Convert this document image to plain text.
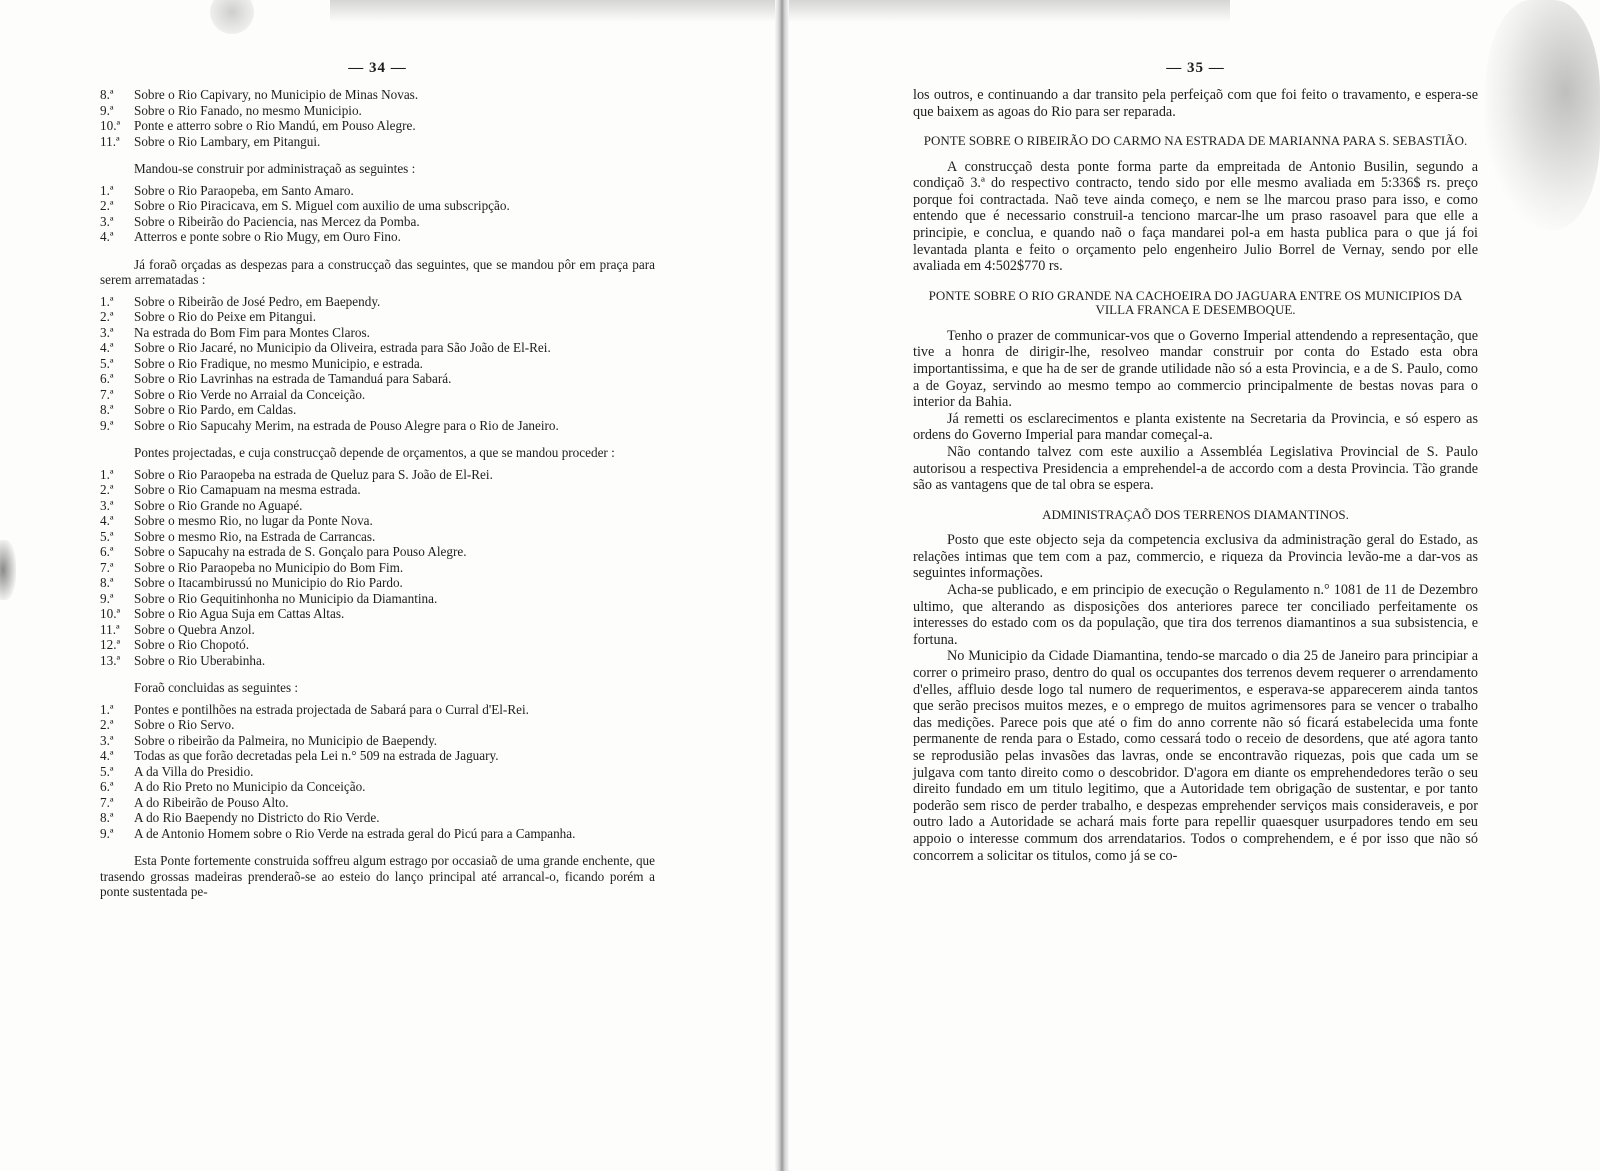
— 34 —
8.ª	Sobre o Rio Capivary, no Municipio de Minas Novas.
9.ª	Sobre o Rio Fanado, no mesmo Municipio.
10.ª	Ponte e atterro sobre o Rio Mandú, em Pouso Alegre.
11.ª	Sobre o Rio Lambary, em Pitangui.

Mandou-se construir por administraçaõ as seguintes :

1.ª	Sobre o Rio Paraopeba, em Santo Amaro.
2.ª	Sobre o Rio Piracicava, em S. Miguel com auxilio de uma subscripção.
3.ª	Sobre o Ribeirão do Paciencia, nas Mercez da Pomba.
4.ª	Atterros e ponte sobre o Rio Mugy, em Ouro Fino.

Já foraõ orçadas as despezas para a construcçaõ das seguintes, que se mandou pôr em praça para serem arrematadas :

1.ª	Sobre o Ribeirão de José Pedro, em Baependy.
2.ª	Sobre o Rio do Peixe em Pitangui.
3.ª	Na estrada do Bom Fim para Montes Claros.
4.ª	Sobre o Rio Jacaré, no Municipio da Oliveira, estrada para São João de El-Rei.
5.ª	Sobre o Rio Fradique, no mesmo Municipio, e estrada.
6.ª	Sobre o Rio Lavrinhas na estrada de Tamanduá para Sabará.
7.ª	Sobre o Rio Verde no Arraial da Conceição.
8.ª	Sobre o Rio Pardo, em Caldas.
9.ª	Sobre o Rio Sapucahy Merim, na estrada de Pouso Alegre para o Rio de Janeiro.

Pontes projectadas, e cuja construcçaõ depende de orçamentos, a que se mandou proceder :

1.ª	Sobre o Rio Paraopeba na estrada de Queluz para S. João de El-Rei.
2.ª	Sobre o Rio Camapuam na mesma estrada.
3.ª	Sobre o Rio Grande no Aguapé.
4.ª	Sobre o mesmo Rio, no lugar da Ponte Nova.
5.ª	Sobre o mesmo Rio, na Estrada de Carrancas.
6.ª	Sobre o Sapucahy na estrada de S. Gonçalo para Pouso Alegre.
7.ª	Sobre o Rio Paraopeba no Municipio do Bom Fim.
8.ª	Sobre o Itacambirussú no Municipio do Rio Pardo.
9.ª	Sobre o Rio Gequitinhonha no Municipio da Diamantina.
10.ª	Sobre o Rio Agua Suja em Cattas Altas.
11.ª	Sobre o Quebra Anzol.
12.ª	Sobre o Rio Chopotó.
13.ª	Sobre o Rio Uberabinha.

Foraõ concluidas as seguintes :

1.ª	Pontes e pontilhões na estrada projectada de Sabará para o Curral d'El-Rei.
2.ª	Sobre o Rio Servo.
3.ª	Sobre o ribeirão da Palmeira, no Municipio de Baependy.
4.ª	Todas as que forão decretadas pela Lei n.° 509 na estrada de Jaguary.
5.ª	A da Villa do Presidio.
6.ª	A do Rio Preto no Municipio da Conceição.
7.ª	A do Ribeirão de Pouso Alto.
8.ª	A do Rio Baependy no Districto do Rio Verde.
9.ª	A de Antonio Homem sobre o Rio Verde na estrada geral do Picú para a Campanha.

Esta Ponte fortemente construida soffreu algum estrago por occasiaõ de uma grande enchente, que trasendo grossas madeiras prenderaõ-se ao esteio do lanço principal até arrancal-o, ficando porém a ponte sustentada pe-

— 35 —

los outros, e continuando a dar transito pela perfeiçaõ com que foi feito o travamento, e espera-se que baixem as agoas do Rio para ser reparada.

PONTE SOBRE O RIBEIRÃO DO CARMO NA ESTRADA DE MARIANNA PARA S. SEBASTIÃO.

A construcçaõ desta ponte forma parte da empreitada de Antonio Busilin, segundo a condiçaõ 3.ª do respectivo contracto, tendo sido por elle mesmo avaliada em 5:336$ rs. preço porque foi contractada. Naõ teve ainda começo, e nem se lhe marcou praso para isso, e como entendo que é necessario construil-a tenciono marcar-lhe um praso rasoavel para que elle a principie, e conclua, e quando naõ o faça mandarei pol-a em hasta publica para o que já foi levantada planta e feito o orçamento pelo engenheiro Julio Borrel de Vernay, sendo por elle avaliada em 4:502$770 rs.

PONTE SOBRE O RIO GRANDE NA CACHOEIRA DO JAGUARA ENTRE OS MUNICIPIOS DA VILLA FRANCA E DESEMBOQUE.

Tenho o prazer de communicar-vos que o Governo Imperial attendendo a representação, que tive a honra de dirigir-lhe, resolveo mandar construir por conta do Estado esta obra importantissima, e que ha de ser de grande utilidade não só a esta Provincia, e a de S. Paulo, como a de Goyaz, servindo ao mesmo tempo ao commercio principalmente de bestas novas para o interior da Bahia.

Já remetti os esclarecimentos e planta existente na Secretaria da Provincia, e só espero as ordens do Governo Imperial para mandar começal-a.

Não contando talvez com este auxilio a Assembléa Legislativa Provincial de S. Paulo autorisou a respectiva Presidencia a emprehendel-a de accordo com a desta Provincia. Tão grande são as vantagens que de tal obra se espera.

ADMINISTRAÇAÕ DOS TERRENOS DIAMANTINOS.

Posto que este objecto seja da competencia exclusiva da administração geral do Estado, as relações intimas que tem com a paz, commercio, e riqueza da Provincia levão-me a dar-vos as seguintes informações.

Acha-se publicado, e em principio de execução o Regulamento n.° 1081 de 11 de Dezembro ultimo, que alterando as disposições dos anteriores parece ter conciliado perfeitamente os interesses do estado com os da população, que tira dos terrenos diamantinos a sua subsistencia, e fortuna.

No Municipio da Cidade Diamantina, tendo-se marcado o dia 25 de Janeiro para principiar a correr o primeiro praso, dentro do qual os occupantes dos terrenos devem requerer o arrendamento d'elles, affluio desde logo tal numero de requerimentos, e esperava-se apparecerem ainda tantos que serão precisos muitos mezes, e o emprego de muitos agrimensores para se vencer o trabalho das medições. Parece pois que até o fim do anno corrente não só ficará estabelecida uma fonte permanente de renda para o Estado, como cessará todo o receio de desordens, que até agora tanto se reprodusião pelas invasões das lavras, onde se encontravão riquezas, pois que cada um se julgava com tanto direito como o descobridor. D'agora em diante os emprehendedores terão o seu direito fundado em um titulo legitimo, que a Autoridade tem obrigação de sustentar, e por tanto poderão sem risco de perder trabalho, e despezas emprehender serviços mais consideraveis, e por outro lado a Autoridade se achará mais forte para repellir quaesquer usurpadores tendo em seu appoio o interesse commum dos arrendatarios. Todos o comprehendem, e é por isso que não só concorrem a solicitar os titulos, como já se co-
